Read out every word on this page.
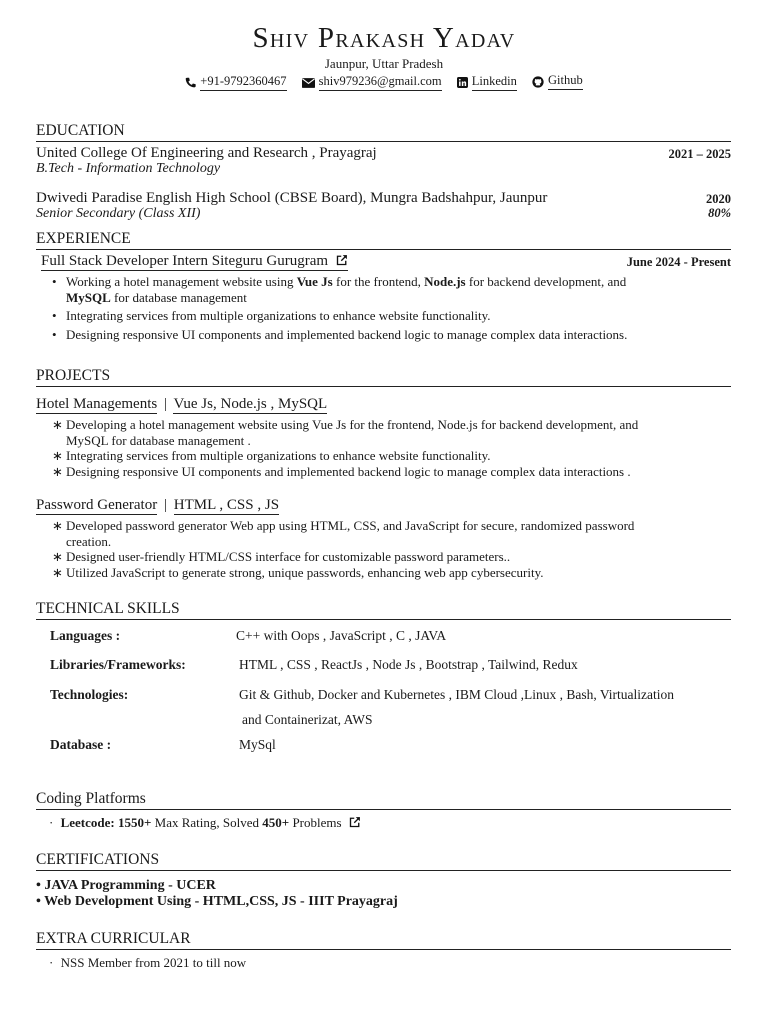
Shiv Prakash Yadav
Jaunpur, Uttar Pradesh
+91-9792360467
	shiv979236@gmail.com
Linkedin
Github
EDUCATION
United College Of Engineering and Research , Prayagraj	2021 – 2025
B.Tech - Information Technology
Dwivedi Paradise English High School (CBSE Board), Mungra Badshahpur, Jaunpur	2020
Senior Secondary (Class XII)	80%
EXPERIENCE
Full Stack Developer Intern Siteguru Gurugram	June 2024 - Present
• Working a hotel management website using Vue Js for the frontend, Node.js for backend development, and
MySQL for database management
• Integrating services from multiple organizations to enhance website functionality.
• Designing responsive UI components and implemented backend logic to manage complex data interactions.
PROJECTS
Hotel Managements | Vue Js, Node.js , MySQL
∗ Developing a hotel management website using Vue Js for the frontend, Node.js for backend development, and
MySQL for database management .
∗ Integrating services from multiple organizations to enhance website functionality.
∗ Designing responsive UI components and implemented backend logic to manage complex data interactions .
Password Generator | HTML , CSS , JS
∗ Developed password generator Web app using HTML, CSS, and JavaScript for secure, randomized password
creation.
∗ Designed user-friendly HTML/CSS interface for customizable password parameters..
∗ Utilized JavaScript to generate strong, unique passwords, enhancing web app cybersecurity.
TECHNICAL SKILLS
Languages :	C++ with Oops , JavaScript , C , JAVA
Libraries/Frameworks:	HTML , CSS , ReactJs , Node Js , Bootstrap , Tailwind, Redux
Technologies:	Git & Github, Docker and Kubernetes , IBM Cloud ,Linux , Bash, Virtualization
and Containerizat, AWS
Database :	MySql
Coding Platforms
· Leetcode: 1550+ Max Rating, Solved 450+ Problems
CERTIFICATIONS
• JAVA Programming - UCER
• Web Development Using - HTML,CSS, JS - IIIT Prayagraj
EXTRA CURRICULAR
· NSS Member from 2021 to till now
